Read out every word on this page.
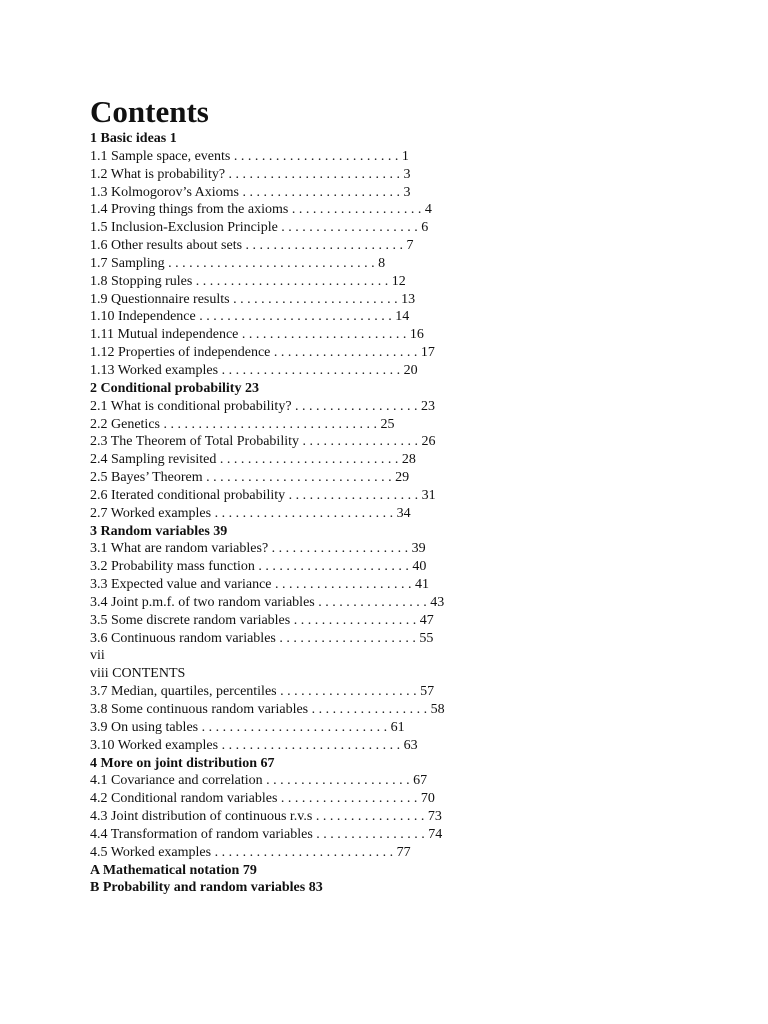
Contents
1 Basic ideas 1
1.1 Sample space, events . . . . . . . . . . . . . . . . . . . . . . . . 1
1.2 What is probability? . . . . . . . . . . . . . . . . . . . . . . . . . 3
1.3 Kolmogorov’s Axioms . . . . . . . . . . . . . . . . . . . . . . . 3
1.4 Proving things from the axioms . . . . . . . . . . . . . . . . . . . 4
1.5 Inclusion-Exclusion Principle . . . . . . . . . . . . . . . . . . . . 6
1.6 Other results about sets . . . . . . . . . . . . . . . . . . . . . . . 7
1.7 Sampling . . . . . . . . . . . . . . . . . . . . . . . . . . . . . . 8
1.8 Stopping rules . . . . . . . . . . . . . . . . . . . . . . . . . . . . 12
1.9 Questionnaire results . . . . . . . . . . . . . . . . . . . . . . . . 13
1.10 Independence . . . . . . . . . . . . . . . . . . . . . . . . . . . . 14
1.11 Mutual independence . . . . . . . . . . . . . . . . . . . . . . . . 16
1.12 Properties of independence . . . . . . . . . . . . . . . . . . . . . 17
1.13 Worked examples . . . . . . . . . . . . . . . . . . . . . . . . . . 20
2 Conditional probability 23
2.1 What is conditional probability? . . . . . . . . . . . . . . . . . . 23
2.2 Genetics . . . . . . . . . . . . . . . . . . . . . . . . . . . . . . . 25
2.3 The Theorem of Total Probability . . . . . . . . . . . . . . . . . 26
2.4 Sampling revisited . . . . . . . . . . . . . . . . . . . . . . . . . . 28
2.5 Bayes’ Theorem . . . . . . . . . . . . . . . . . . . . . . . . . . . 29
2.6 Iterated conditional probability . . . . . . . . . . . . . . . . . . . 31
2.7 Worked examples . . . . . . . . . . . . . . . . . . . . . . . . . . 34
3 Random variables 39
3.1 What are random variables? . . . . . . . . . . . . . . . . . . . . 39
3.2 Probability mass function . . . . . . . . . . . . . . . . . . . . . . 40
3.3 Expected value and variance . . . . . . . . . . . . . . . . . . . . 41
3.4 Joint p.m.f. of two random variables . . . . . . . . . . . . . . . . 43
3.5 Some discrete random variables . . . . . . . . . . . . . . . . . . 47
3.6 Continuous random variables . . . . . . . . . . . . . . . . . . . . 55
vii
viii CONTENTS
3.7 Median, quartiles, percentiles . . . . . . . . . . . . . . . . . . . . 57
3.8 Some continuous random variables . . . . . . . . . . . . . . . . . 58
3.9 On using tables . . . . . . . . . . . . . . . . . . . . . . . . . . . 61
3.10 Worked examples . . . . . . . . . . . . . . . . . . . . . . . . . . 63
4 More on joint distribution 67
4.1 Covariance and correlation . . . . . . . . . . . . . . . . . . . . . 67
4.2 Conditional random variables . . . . . . . . . . . . . . . . . . . . 70
4.3 Joint distribution of continuous r.v.s . . . . . . . . . . . . . . . . 73
4.4 Transformation of random variables . . . . . . . . . . . . . . . . 74
4.5 Worked examples . . . . . . . . . . . . . . . . . . . . . . . . . . 77
A Mathematical notation 79
B Probability and random variables 83
